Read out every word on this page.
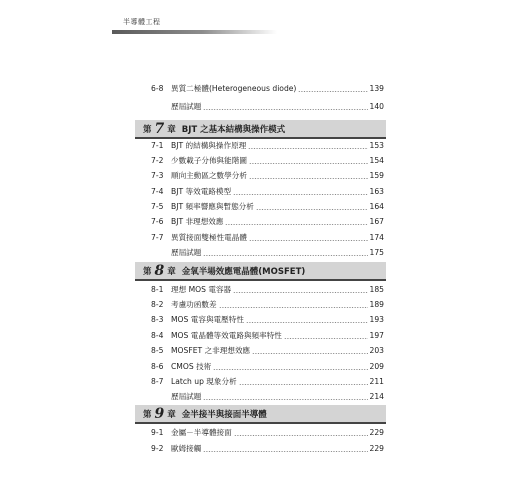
半導體工程
6-8 異質二極體(Heterogeneous diode)	139
歷屆試題	140
第 7 章 BJT 之基本結構與操作模式
7-1 BJT 的結構與操作原理	153
7-2 少數載子分佈與能階圖	154
7-3 順向主動區之數學分析	159
7-4 BJT 等效電路模型	163
7-5 BJT 頻率響應與暫態分析	164
7-6 BJT 非理想效應	167
7-7 異質接面雙極性電晶體	174
歷屆試題	175
第 8 章 金氧半場效應電晶體(MOSFET)
8-1 理想 MOS 電容器	185
8-2 考慮功函數差	189
8-3 MOS 電容與電壓特性	193
8-4 MOS 電晶體等效電路與頻率特性	197
8-5 MOSFET 之非理想效應	203
8-6 CMOS 技術	209
8-7 Latch up 現象分析	211
歷屆試題	214
第 9 章 金半接半與接面半導體
9-1 金屬－半導體接面	229
9-2 歐姆接觸	229
